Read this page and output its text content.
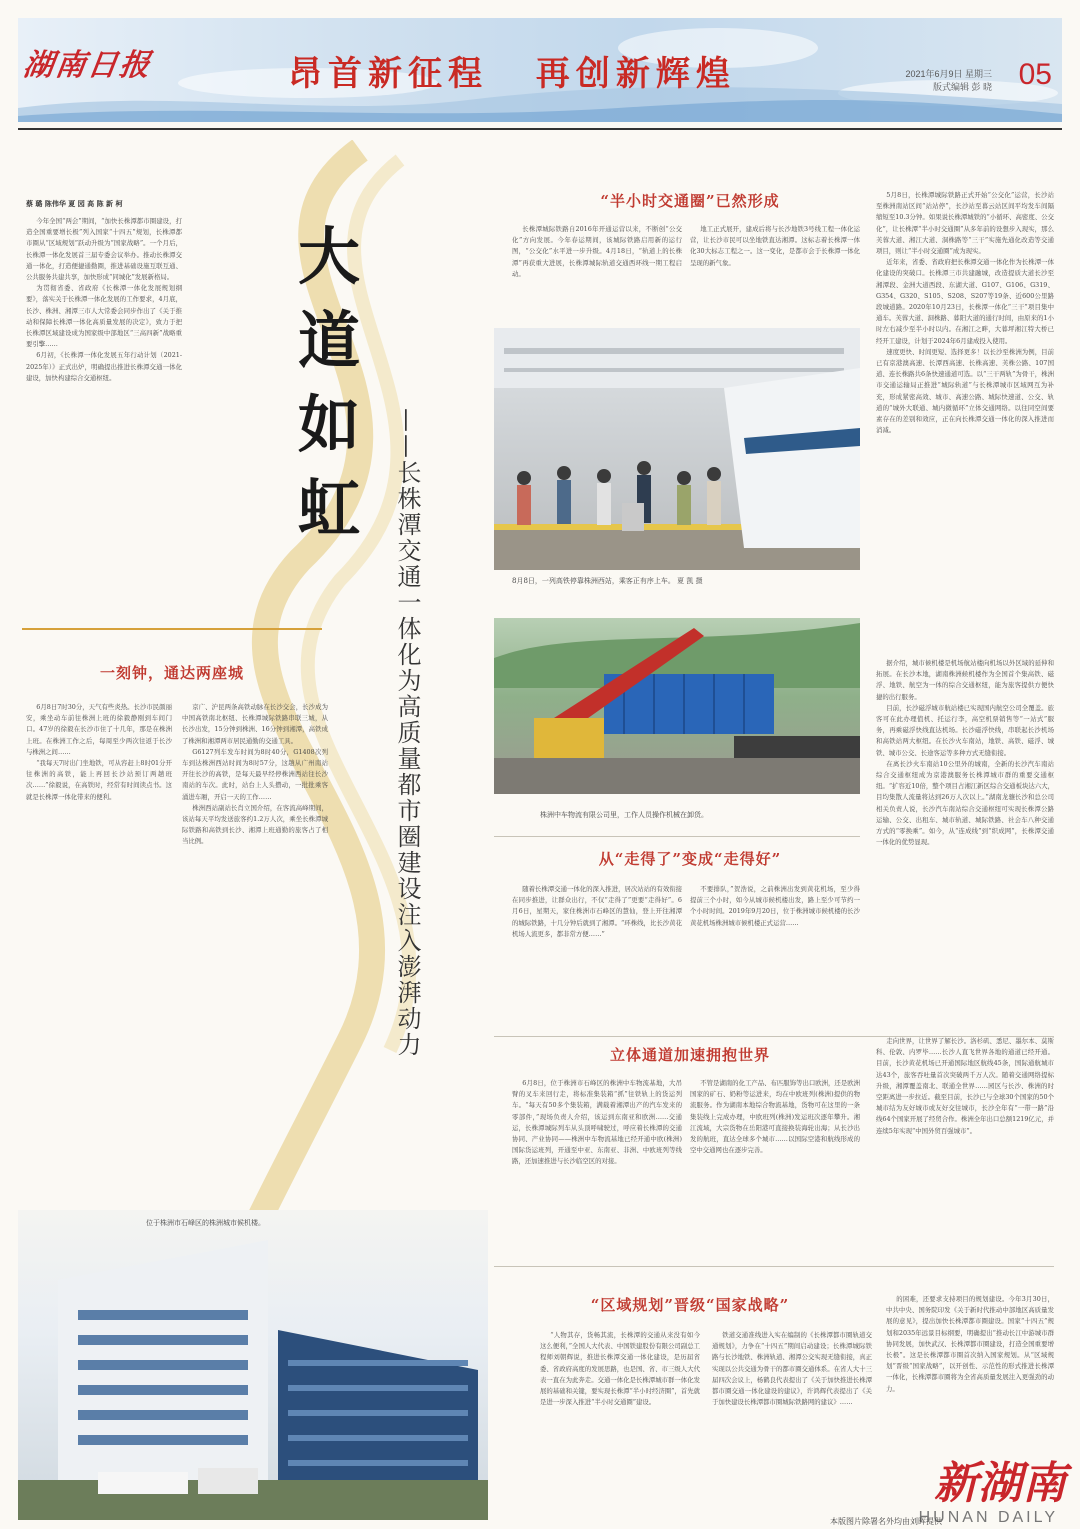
湖南日报	昂首新征程 再创新辉煌	2021年6月9日 星期三
版式编辑 彭 晓 05
大
道
如
虹 ——长株潭交通一体化为高质量都市圈建设注入澎湃动力
蔡 璐 陈伟华 夏 园 高 陈 新 柯

今年全国“两会”期间，“加快长株潭都市圈建设，打造全国重要增长极”列入国家“十四五”规划，长株潭都市圈从“区域规划”跃动升级为“国家战略”。一个月后，长株潭一体化发展首三届专委会议举办。推动长株潭交通一体化，打造便捷通勤圈，推进基础设施互联互通、公共服务共建共享，加快形成“同城化”发展新格局。

为贯彻省委、省政府《长株潭一体化发展规划纲要》，落实关于长株潭一体化发展的工作要求，4月底，长沙、株洲、湘潭三市人大常委会同步作出了《关于推动和保障长株潭一体化高质量发展的决定》，致力于把长株潭区域建设成为国家级中部地区“三高四新”战略重要引擎……

6月初，《长株潭一体化发展五年行动计划（2021-2025年）》正式出炉，明确提出推进长株潭交通一体化建设，加快构建综合交通枢纽。

一刻钟，通达两座城

6月8日7时30分，天气有些炎热。长沙市民颜丽安，乘坐动车前往株洲上班的徐毅静刚到车间门口。47岁的徐毅在长沙市住了十几年，那是在株洲上班。在株洲工作之后，每周至少两次往返于长沙与株洲之间……

“我每天7时出门坐地铁，可从容赶上8时01分开往株洲的高铁，能上再回长沙站预订两趟班次……”徐毅说，在高铁时，经常有时间读点书。这就是长株潭一体化带来的便利。

京广、沪昆两条高铁动脉在长沙交会，长沙成为中国高铁南北枢纽、长株潭城际铁路串联三城，从长沙出发，15分钟到株洲、16分钟到湘潭，高铁成了株洲和湘潭两市居民通勤的交通工具。

G6127列车发车时间为8时40分，G1408次列车到达株洲西站时间为8时57分，这趟从广州南站开往长沙的高铁，是每天最早经停株洲西站往长沙南站的车次。此时，站台上人头攒动，一批批乘客涌进车厢，开启一天的工作……

株洲西站副站长肖立国介绍，在客流高峰期间，该站每天平均发送旅客约1.2万人次，乘坐长株潭城际铁路和高铁到长沙、湘潭上班通勤的旅客占了相当比例。

“半小时交通圈”已然形成

长株潭城际铁路自2016年开通运营以来，不断创“公交化”方向发展。今年春运期间，该城际铁路启用新的运行图，“公交化”水平进一步升级。4月18日，“轨道上的长株潭”再获重大进展，长株潭城际轨道交通西环线一期工程启动。

地工正式展开，建成后将与长沙地铁3号线工程一体化运营，让长沙市民可以坐地铁直达湘潭。这标志着长株潭一体化30大标志工程之一。这一变化，是都市会于长株潭一体化呈现的新气象。

5月8日，长株潭城际铁路正式开始“公交化”运营，长沙站至株洲南站区间“站站停”，长沙站至暮云站区间平均发车间隔缩短至10.3分钟。如果说长株潭城铁的“小循环、高密度、公交化”，让长株潭“半小时交通圈”从多年前的设想步入现实，那么芙蓉大道、湘江大道、洞株路等“三干”实施先通化改造等交通项目，则让“半小时交通圈”成为现实。

近年来，省委、省政府把长株潭交通一体化作为长株潭一体化建设的突破口。长株潭三市共建融城，改造提质大道长沙至湘潭段、金洲大道西段、东湖大道、G107、G106、G319、G354、G320、S105、S208、S207等19条、近600公里路段城道路。2020年10月23日，长株潭一体化“三干”项目集中通车。芙蓉大道、洞株路、暮阳大道的通行时间，由原来的1小时左右减少至半小时以内。在湘江之畔，大暮坪湘江特大桥已经开工建设，计划于2024年6月建成投入使用。

速度更快、时间更短、选择更多！以长沙至株洲为例，目前已有京港澳高速、长潭西高速、长株高速、芙株公路、107国道、连长株路共6条快速通道可选。以“三干两轨”为骨干，株洲市交通运输局正推进“城际轨道”与长株潭城市区域网互为补充，形成紧密高效、城市、高速公路、城际快速道、公交、轨道的“城外大联通、城内微循环”立体交通网络。以往同空间要素存在的差别和效应，正在向长株潭交通一体化的深入推进而消减。

8月8日，一列高铁停靠株洲西站，乘客正有序上车。 夏 凯 摄
株洲中车物流有限公司里，工作人员操作机械在卸货。
从“走得了”变成“走得好”

随着长株潭交通一体化的深入推进，居次站站的有效衔接在同步推进，让群众出行，不仅“走得了”更要“走得好”。6月6日，星期天，家住株洲市石峰区的慧仙，登上开往湘潭的城际铁路，十几分钟后就到了湘潭。“环株线，比长沙黄花机场人流更多，都非常方便……”

不要排队，”贺浩说，之前株洲出发到黄花机场，至少得提前三个小时，如今从城市候机楼出发，路上至少可节约一个小时时间。2019年9月20日，位于株洲城市候机楼的长沙黄花机场株洲城市候机楼正式运营……

据介绍，城市候机楼是机场航站楼向机场以外区域的延伸和拓展。在长沙本地，湖南株洲候机楼作为全国首个集高铁、磁浮、地铁、航空为一体的综合交通枢纽，能为旅客提供方便快捷的出行服务。

目前，长沙磁浮城市航站楼已实现国内航空公司全覆盖。旅客可在此办理值机、托运行李，高空机票销售等“一站式”服务，再乘磁浮快线直达机场。长沙磁浮快线，串联起长沙机场和高铁站两大枢纽。在长沙火车南站，地铁、高铁、磁浮、城铁、城市公交、长途客运等多种方式无缝衔接。

在离长沙火车南站10公里外的城南，全新的长沙汽车南站综合交通枢纽成为京港澳服务长株潭城市群的重要交通枢纽。“扩容近10倍，整个项目占湘江新区综合交通板块达六大，目均集散人流量将达到26万人次以上。”湖南龙骧长沙和总公司相关负责人说，长沙汽车南站综合交通枢纽可实现长株潭公路运输、公交、出租车、城市轨道、城际铁路、社会车八种交通方式的“零换乘”。如今，从“连成线”到“织成网”，长株潭交通一体化的优势显现。

立体通道加速拥抱世界

6月8日，位于株洲市石峰区的株洲中车物流基地，大吊臂的叉车来回行走，将标准集装箱“抓”往铁轨上的货运列车。“每天有50多个集装箱，满载着湘潭出产的汽车发来的零部件，”现场负责人介绍，该运到东南亚和欧洲……交通运，长株潭城际列车从头顶呼啸驶过，呼应着长株潭的交通协同、产业协同——株洲中车物流基地已经开通中欧(株洲)国际货运班列，开通至中亚、东南亚、非洲、中欧班列等线路，还加速推进与长沙临空区的对接。

不管是湖南的化工产品、布匹服饰等出口欧洲，还是欧洲国家的矿石、奶粉等运进来，均在中欧班列(株洲)提供的物流服务。作为湖南本地综合物流基地，货物可在这里的一条集装线上完成办理，中欧班列(株洲)发运班次逐年攀升。湘江流域，大宗货物在岳阳港可直接换装海轮出海；从长沙出发的航班，直达全球多个城市……以国际空港和航线形成的空中交通网也在逐步完善。

走向世界，让世界了解长沙。洛杉矶、悉尼、墨尔本、莫斯科、伦敦、内罗毕……长沙人直飞世界各地的通道已经开通。目前，长沙黄花机场已开通国际地区航线45条，国际通航城市达43个，旅客吞吐量首次突破两千万人次。随着交通网络提标升级，湘潭覆盖南北、联通全世界……园区与长沙、株洲的时空距离进一步拉近。截至目前，长沙已与全球30个国家的50个城市结为友好城市或友好交往城市，长沙全年有“一带一路”沿线64个国家开展了经贸合作。株洲全年出口总额1219亿元，并连续5年实现“中国外贸百强城市”。

位于株洲市石峰区的株洲城市候机楼。
“区域规划”晋级“国家战略”

“人物其存，货畅其流，长株潭的交通从来没有如今这么便利，”全国人大代表、中国铁建股份有限公司副总工程师刘朝辉说，推进长株潭交通一体化建设，是历届省委、省政府高度的发展思路，也是国、省、市三级人大代表一直在为此奔走。交通一体化是长株潭城市群一体化发展的基础和关键，要实现长株潭“半小时经济圈”，首先就是进一步深入推进“半小时交通圈”建设。

铁道交通准线进入实在编制的《长株潭都市圈轨道交通规划》，力争在“十四五”期间启动建设；长株潭城际铁路与长沙地铁、株洲轨道、湘潭公交实现无缝衔接，真正实现以公共交通为骨干的都市圈交通体系。在省人大十三届四次会议上，杨鹤良代表提出了《关于加快推进长株潭都市圈交通一体化建设的建议》，许鸿辉代表提出了《关于加快建设长株潭都市圈城际铁路网的建议》……

的困难，还要求支持项目的规划建设。今年3月30日，中共中央、国务院印发《关于新时代推动中部地区高质量发展的意见》，提出加快长株潭都市圈建设。国家“十四五”规划和2035年远景目标纲要，明确提出“推动长江中游城市群协同发展，加快武汉、长株潭都市圈建设，打造全国重要增长极”。这是长株潭都市圈首次纳入国家规划。从“区域规划”晋级“国家战略”，以开创性、示范性的形式推进长株潭一体化，长株潭都市圈将为全省高质量发展注入更强劲的动力。

新湖南
HUNAN DAILY
本版图片除署名外均由刘晖提供
